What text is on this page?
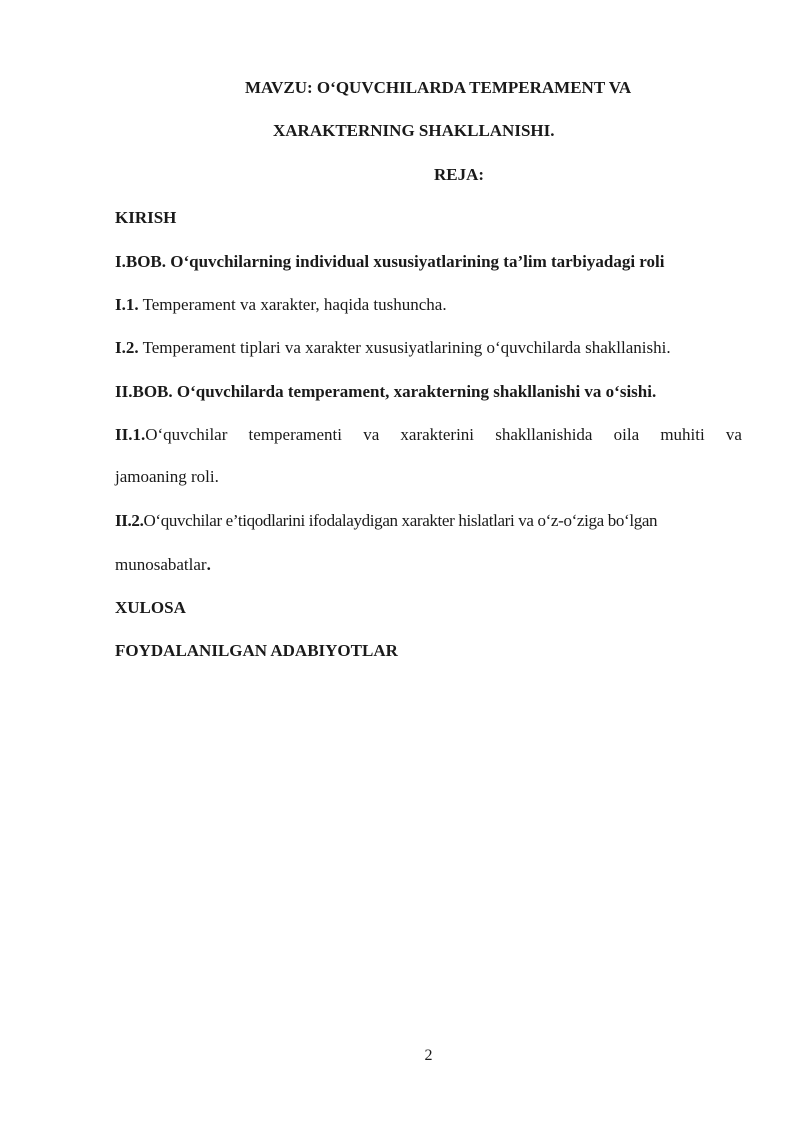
MAVZU: O‘QUVCHILARDA TEMPERAMENT VA
XARAKTERNING SHAKLLANISHI.
REJA:
KIRISH
I.BOB. O‘quvchilarning individual xususiyatlarining ta’lim tarbiyadagi roli
I.1. Temperament va xarakter, haqida tushuncha.
I.2. Temperament tiplari va xarakter xususiyatlarining o‘quvchilarda shakllanishi.
II.BOB. O‘quvchilarda temperament, xarakterning shakllanishi va o‘sishi.
II.1.O‘quvchilar temperamenti va xarakterini shakllanishida oila muhiti va
jamoaning roli.
II.2.O‘quvchilar e’tiqodlarini ifodalaydigan xarakter hislatlari va o‘z-o‘ziga bo‘lgan
munosabatlar.
XULOSA
FOYDALANILGAN ADABIYOTLAR
2
